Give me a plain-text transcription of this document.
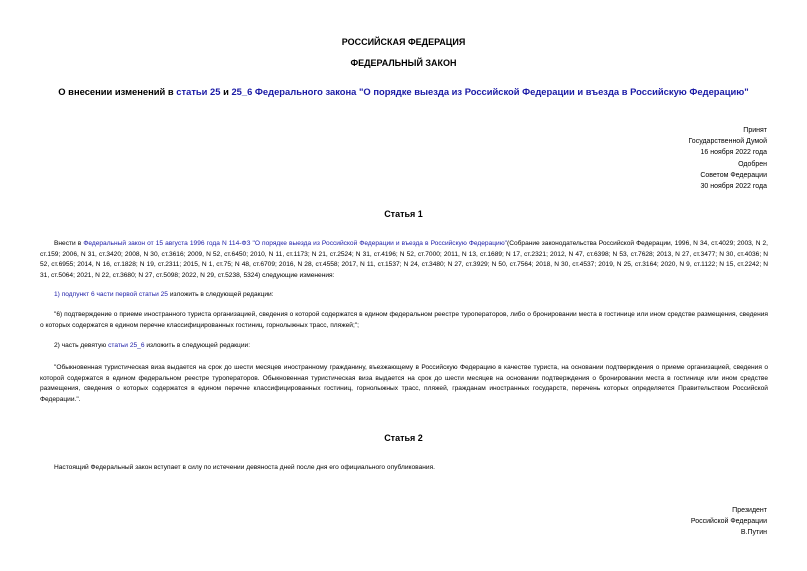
РОССИЙСКАЯ ФЕДЕРАЦИЯ
ФЕДЕРАЛЬНЫЙ ЗАКОН
О внесении изменений в статьи 25 и 25_6 Федерального закона "О порядке выезда из Российской Федерации и въезда в Российскую Федерацию"
Принят
Государственной Думой
16 ноября 2022 года
Одобрен
Советом Федерации
30 ноября 2022 года
Статья 1
Внести в Федеральный закон от 15 августа 1996 года N 114-ФЗ "О порядке выезда из Российской Федерации и въезда в Российскую Федерацию"(Собрание законодательства Российской Федерации, 1996, N 34, ст.4029; 2003, N 2, ст.159; 2006, N 31, ст.3420; 2008, N 30, ст.3616; 2009, N 52, ст.6450; 2010, N 11, ст.1173; N 21, ст.2524; N 31, ст.4196; N 52, ст.7000; 2011, N 13, ст.1689; N 17, ст.2321; 2012, N 47, ст.6398; N 53, ст.7628; 2013, N 27, ст.3477; N 30, ст.4036; N 52, ст.6955; 2014, N 16, ст.1828; N 19, ст.2311; 2015, N 1, ст.75; N 48, ст.6709; 2016, N 28, ст.4558; 2017, N 11, ст.1537; N 24, ст.3480; N 27, ст.3929; N 50, ст.7564; 2018, N 30, ст.4537; 2019, N 25, ст.3164; 2020, N 9, ст.1122; N 15, ст.2242; N 31, ст.5064; 2021, N 22, ст.3680; N 27, ст.5098; 2022, N 29, ст.5238, 5324) следующие изменения:
1) подпункт 6 части первой статьи 25 изложить в следующей редакции:
"6) подтверждение о приеме иностранного туриста организацией, сведения о которой содержатся в едином федеральном реестре туроператоров, либо о бронировании места в гостинице или ином средстве размещения, сведения о которых содержатся в едином перечне классифицированных гостиниц, горнолыжных трасс, пляжей;";
2) часть девятую статьи 25_6 изложить в следующей редакции:
"Обыкновенная туристическая виза выдается на срок до шести месяцев иностранному гражданину, въезжающему в Российскую Федерацию в качестве туриста, на основании подтверждения о приеме организацией, сведения о которой содержатся в едином федеральном реестре туроператоров. Обыкновенная туристическая виза выдается на срок до шести месяцев на основании подтверждения о бронировании места в гостинице или ином средстве размещения, сведения о которых содержатся в едином перечне классифицированных гостиниц, горнолыжных трасс, пляжей, гражданам иностранных государств, перечень которых определяется Правительством Российской Федерации.".
Статья 2
Настоящий Федеральный закон вступает в силу по истечении девяноста дней после дня его официального опубликования.
Президент
Российской Федерации
В.Путин
